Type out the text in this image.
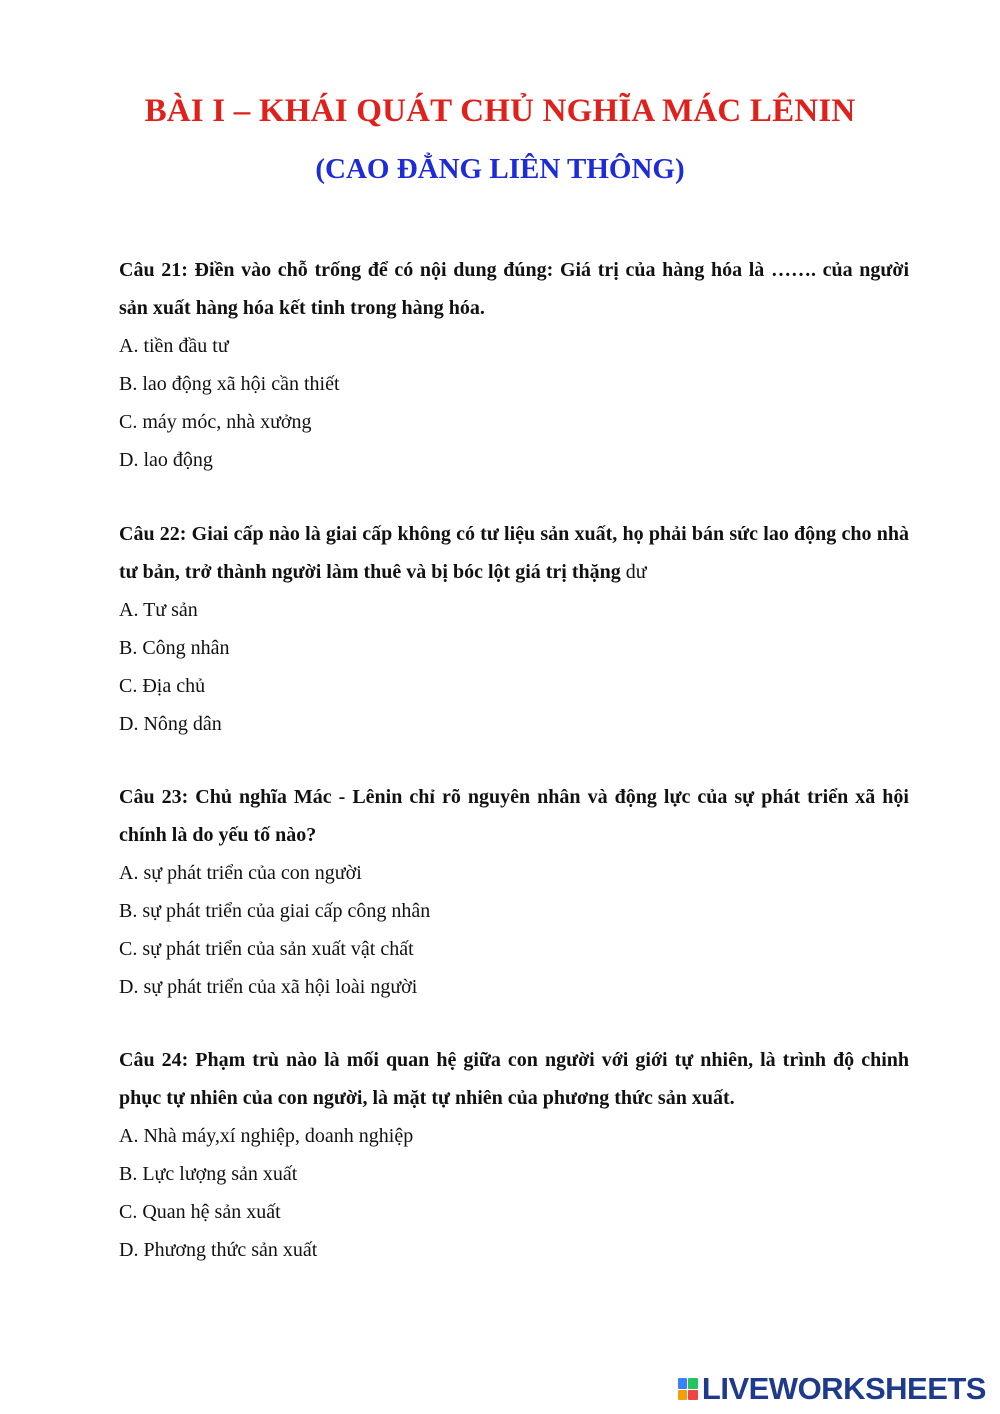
BÀI I – KHÁI QUÁT CHỦ NGHĨA MÁC LÊNIN
(CAO ĐẲNG LIÊN THÔNG)

Câu 21: Điền vào chỗ trống để có nội dung đúng: Giá trị của hàng hóa là ……. của người sản xuất hàng hóa kết tinh trong hàng hóa.

A. tiền đầu tư
B. lao động xã hội cần thiết
C. máy móc, nhà xưởng
D. lao động

Câu 22: Giai cấp nào là giai cấp không có tư liệu sản xuất, họ phải bán sức lao động cho nhà tư bản, trở thành người làm thuê và bị bóc lột giá trị thặng dư

A. Tư sản
B. Công nhân
C. Địa chủ
D. Nông dân

Câu 23: Chủ nghĩa Mác - Lênin chỉ rõ nguyên nhân và động lực của sự phát triển xã hội chính là do yếu tố nào?

A. sự phát triển của con người
B. sự phát triển của giai cấp công nhân
C. sự phát triển của sản xuất vật chất
D. sự phát triển của xã hội loài người

Câu 24: Phạm trù nào là mối quan hệ giữa con người với giới tự nhiên, là trình độ chinh phục tự nhiên của con người, là mặt tự nhiên của phương thức sản xuất.

A. Nhà máy,xí nghiệp, doanh nghiệp
B. Lực lượng sản xuất
C. Quan hệ sản xuất
D. Phương thức sản xuất
LIVEWORKSHEETS
